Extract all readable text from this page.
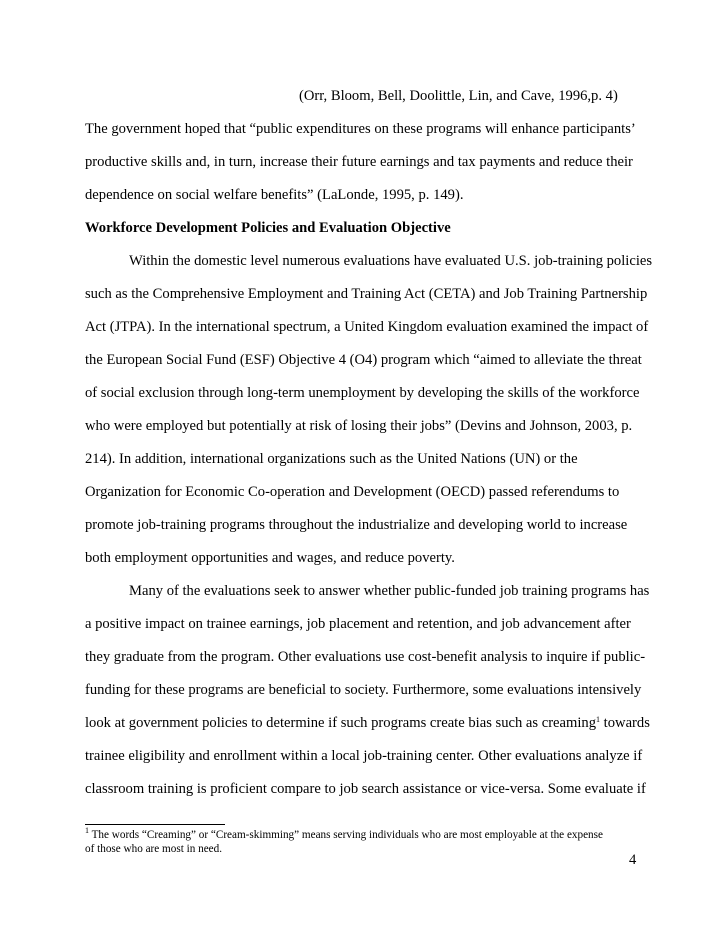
(Orr, Bloom, Bell, Doolittle, Lin, and Cave, 1996,p. 4)
The government hoped that “public expenditures on these programs will enhance participants’
productive skills and, in turn, increase their future earnings and tax payments and reduce their
dependence on social welfare benefits” (LaLonde, 1995, p. 149).
Workforce Development Policies and Evaluation Objective
Within the domestic level numerous evaluations have evaluated U.S. job-training policies
such as the Comprehensive Employment and Training Act (CETA) and Job Training Partnership
Act (JTPA). In the international spectrum, a United Kingdom evaluation examined the impact of
the European Social Fund (ESF) Objective 4 (O4) program which “aimed to alleviate the threat
of social exclusion through long-term unemployment by developing the skills of the workforce
who were employed but potentially at risk of losing their jobs” (Devins and Johnson, 2003, p.
214). In addition, international organizations such as the United Nations (UN) or the
Organization for Economic Co-operation and Development (OECD) passed referendums to
promote job-training programs throughout the industrialize and developing world to increase
both employment opportunities and wages, and reduce poverty.
Many of the evaluations seek to answer whether public-funded job training programs has
a positive impact on trainee earnings, job placement and retention, and job advancement after
they graduate from the program. Other evaluations use cost-benefit analysis to inquire if public-
funding for these programs are beneficial to society. Furthermore, some evaluations intensively
look at government policies to determine if such programs create bias such as creaming$^1$ towards
trainee eligibility and enrollment within a local job-training center. Other evaluations analyze if
classroom training is proficient compare to job search assistance or vice-versa. Some evaluate if
$^1$ The words “Creaming” or “Cream-skimming” means serving individuals who are most employable at the expense
of those who are most in need.
4
